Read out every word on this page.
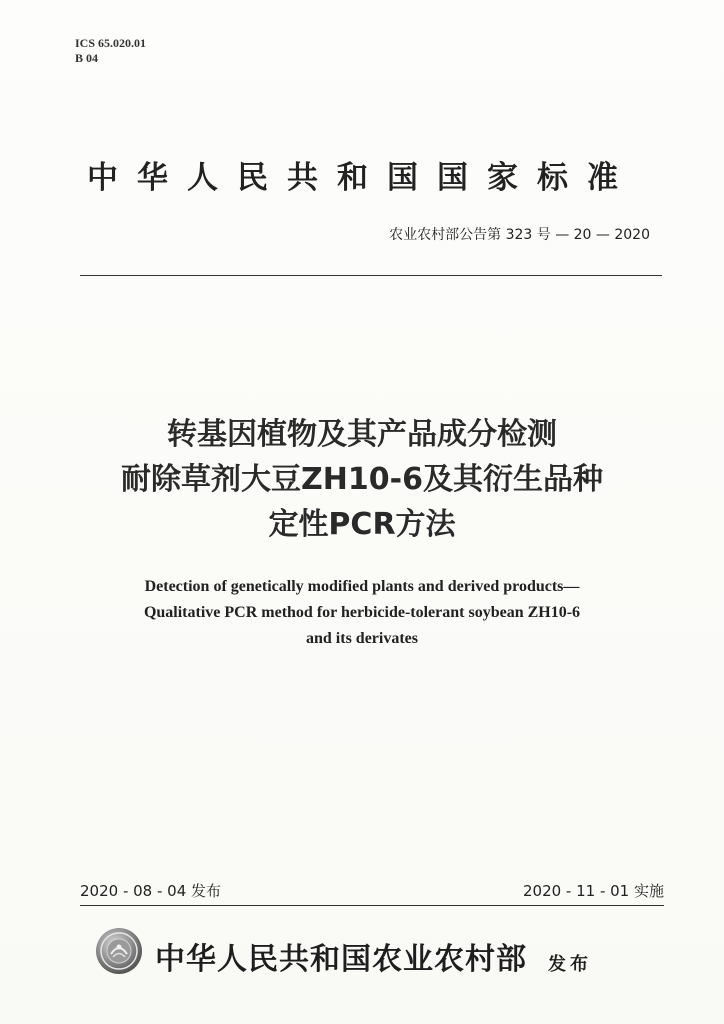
ICS 65.020.01
B 04
中华人民共和国国家标准
农业农村部公告第 323 号 — 20 — 2020
转基因植物及其产品成分检测
耐除草剂大豆ZH10-6及其衍生品种
定性PCR方法
Detection of genetically modified plants and derived products—
Qualitative PCR method for herbicide-tolerant soybean ZH10-6
and its derivates
2020 - 08 - 04 发布	2020 - 11 - 01 实施
中华人民共和国农业农村部 发布
